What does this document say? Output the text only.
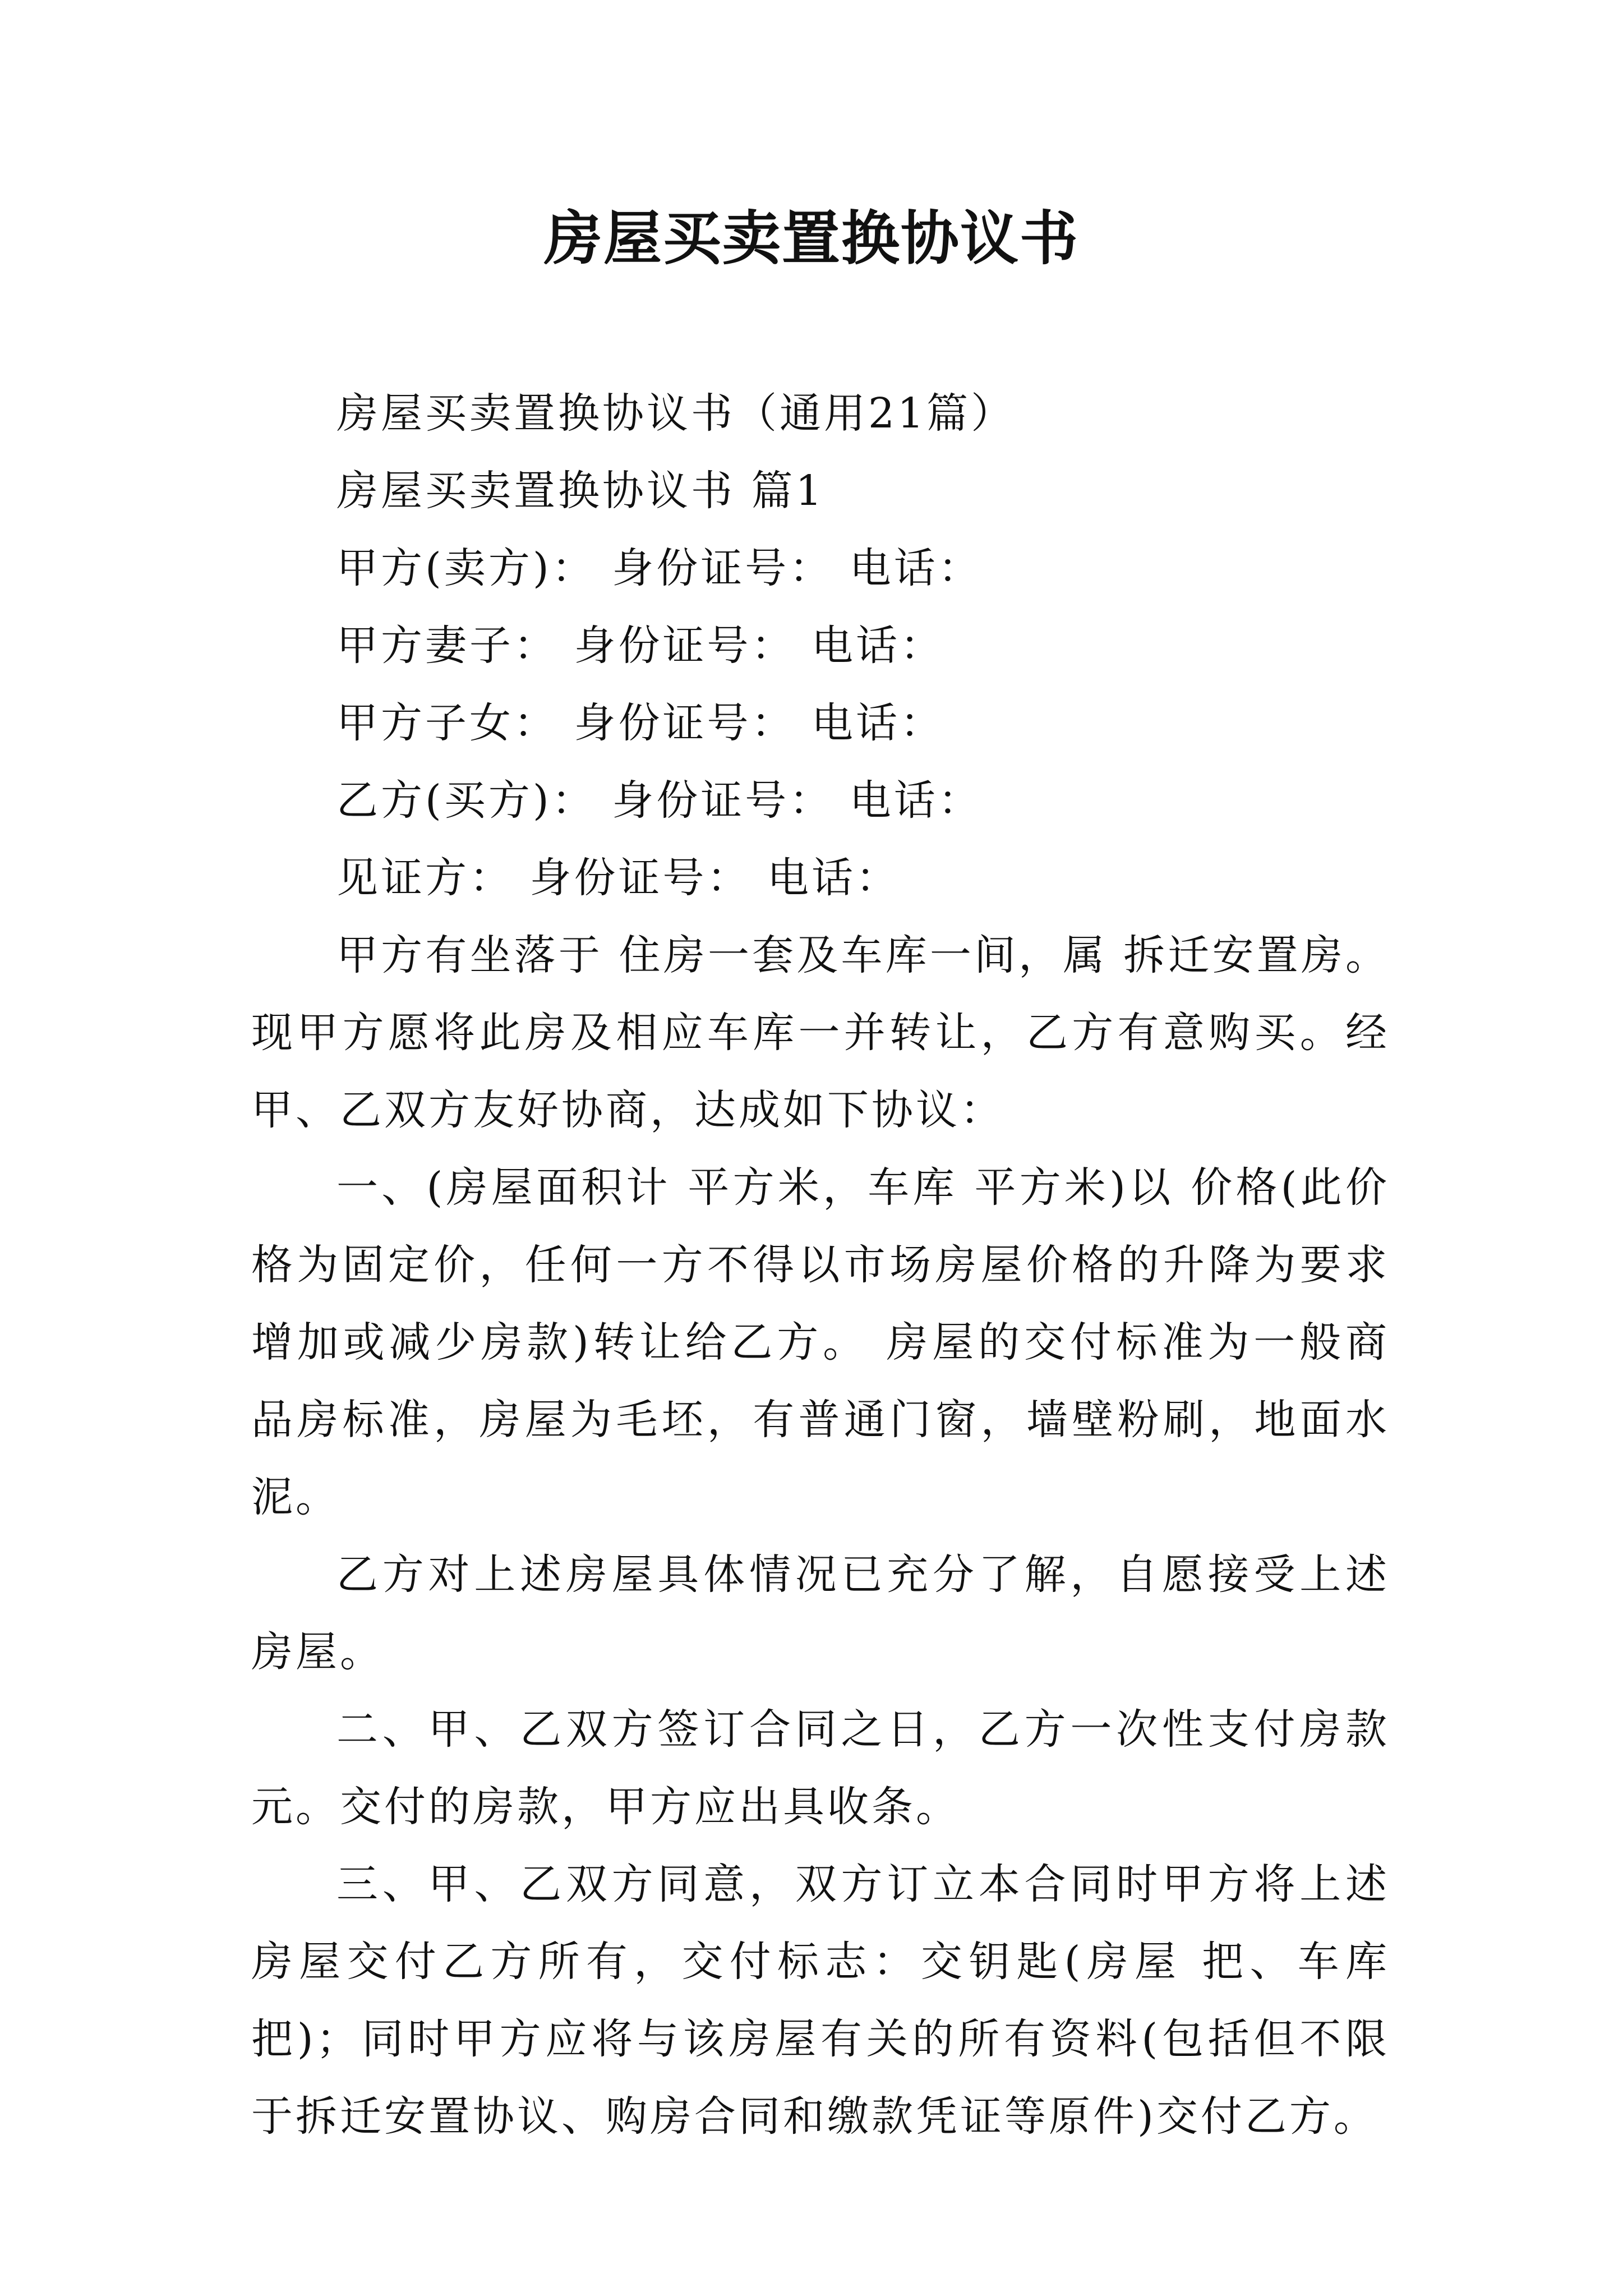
房屋买卖置换协议书

房屋买卖置换协议书（通用21篇）

房屋买卖置换协议书 篇1

甲方(卖方)： 身份证号： 电话：

甲方妻子： 身份证号： 电话：

甲方子女： 身份证号： 电话：

乙方(买方)： 身份证号： 电话：

见证方： 身份证号： 电话：

甲方有坐落于 住房一套及车库一间，属 拆迁安置房。现甲方愿将此房及相应车库一并转让，乙方有意购买。经甲、乙双方友好协商，达成如下协议：

一、(房屋面积计 平方米，车库 平方米)以 价格(此价格为固定价，任何一方不得以市场房屋价格的升降为要求增加或减少房款)转让给乙方。 房屋的交付标准为一般商品房标准，房屋为毛坯，有普通门窗，墙壁粉刷，地面水泥。

乙方对上述房屋具体情况已充分了解，自愿接受上述房屋。

二、甲、乙双方签订合同之日，乙方一次性支付房款 元。交付的房款，甲方应出具收条。

三、甲、乙双方同意，双方订立本合同时甲方将上述房屋交付乙方所有，交付标志：交钥匙(房屋 把、车库 把)；同时甲方应将与该房屋有关的所有资料(包括但不限于拆迁安置协议、购房合同和缴款凭证等原件)交付乙方。
